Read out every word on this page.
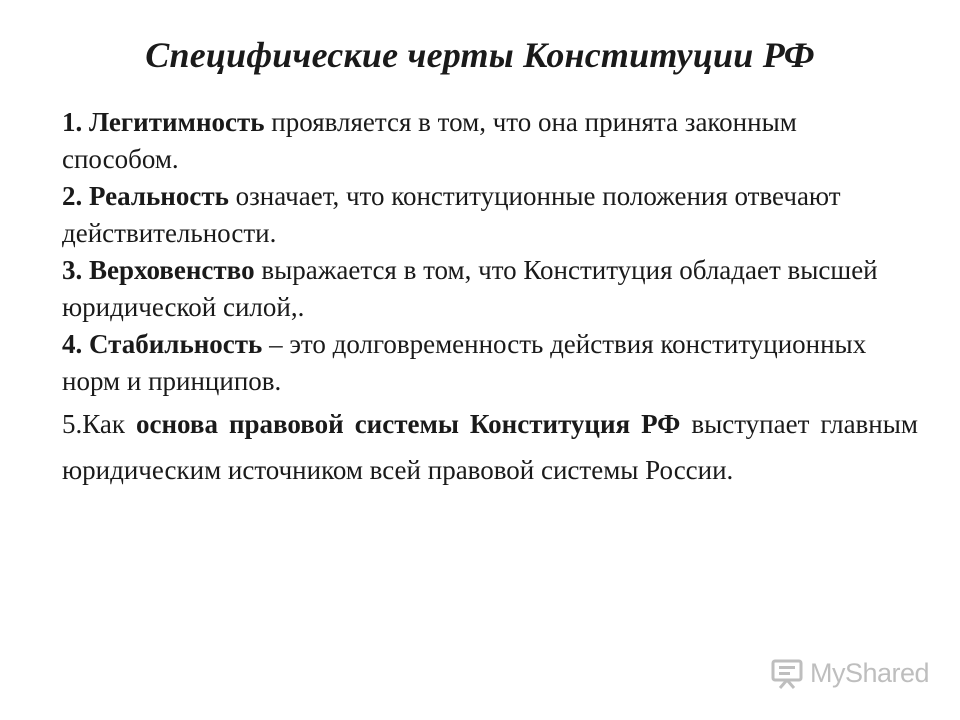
Специфические черты Конституции РФ

1. Легитимность проявляется в том, что она принята законным способом.

2. Реальность означает, что конституционные положения отвечают действительности.

3. Верховенство выражается в том, что Конституция обладает высшей юридической силой,.

4. Стабильность – это долговременность действия конституционных норм и принципов.

5.Как основа правовой системы Конституция РФ выступает главным юридическим источником всей правовой системы России.

MyShared
